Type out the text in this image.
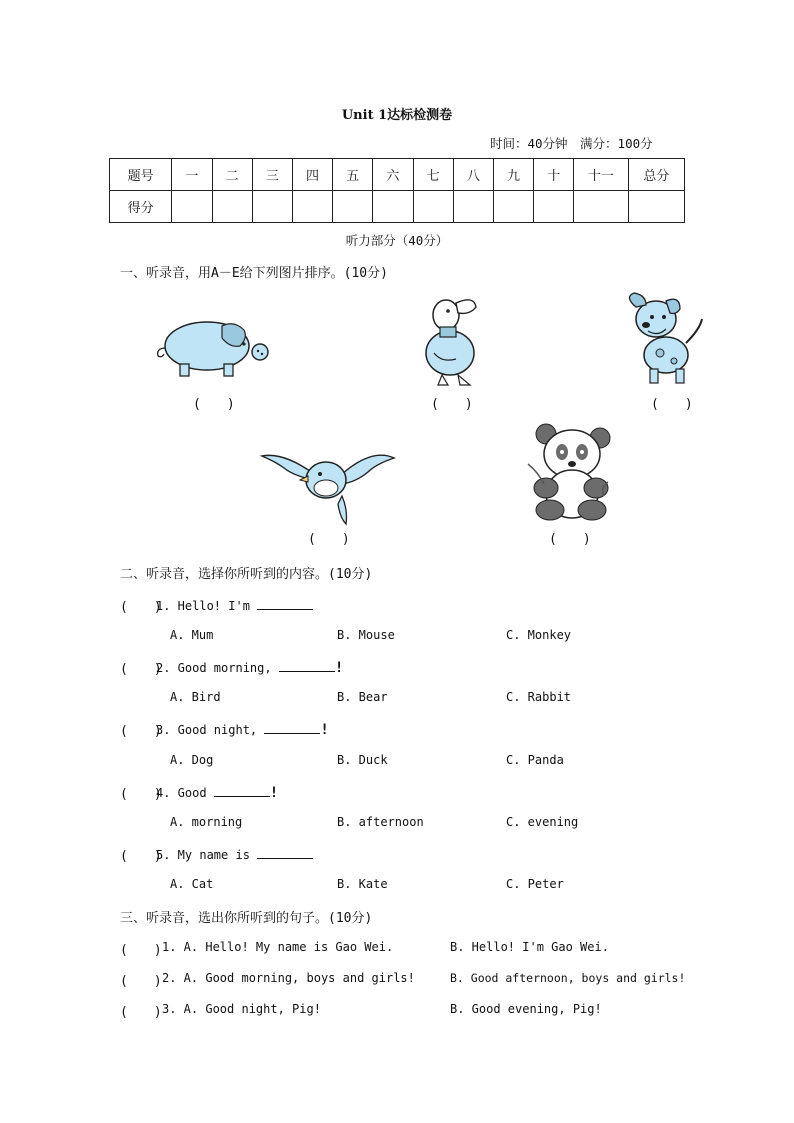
Unit 1达标检测卷
时间：40分钟　满分：100分
题号	一	二	三	四	五	六	七	八	九	十	十一	总分
得分												
听力部分（40分）
一、听录音，用A－E给下列图片排序。(10分)
(　　)	(　　)	(　　)
(　　)	(　　)
二、听录音，选择你所听到的内容。(10分)
(　　)
1. Hello! I'm
A. Mum	B. Mouse	C. Monkey
(　　)
2. Good morning,	!
A. Bird	B. Bear	C. Rabbit
(　　)
3. Good night,	!
A. Dog	B. Duck	C. Panda
(　　)
4. Good	!
A. morning	B. afternoon	C. evening
(　　)
5. My name is
A. Cat	B. Kate	C. Peter
三、听录音，选出你所听到的句子。(10分)
(　　) 1. A. Hello! My name is Gao Wei.	B. Hello! I'm Gao Wei.
(　　) 2. A. Good morning, boys and girls!	B. Good afternoon, boys and girls!
(　　) 3. A. Good night, Pig!	B. Good evening, Pig!
